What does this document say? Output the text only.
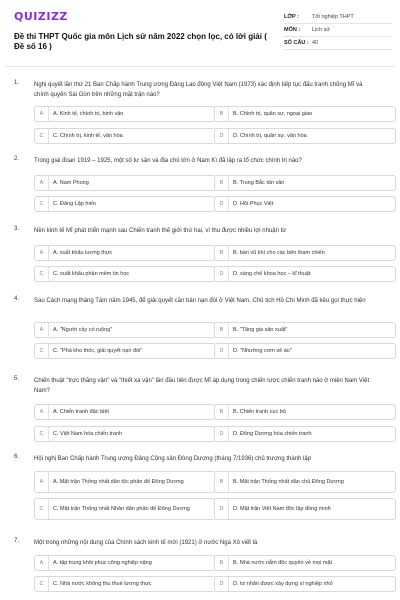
QUIZIZZ
Đề thi THPT Quốc gia môn Lịch sử năm 2022 chọn lọc, có lời giải ( Đề số 16 )
LỚP :	Tốt nghiệp THPT
MÔN :	Lịch sử
SỐ CÂU : 40
1. Nghị quyết lần thứ 21 Ban Chấp hành Trung ương Đảng Lao động Việt Nam (1973) xác định tiếp tục đấu tranh chống Mĩ và chính quyền Sài Gòn trên những mặt trận nào?
A	A. Kinh tế, chính trị, binh vận	B	B. Chính trị, quân sự, ngoại giao
C	C. Chính trị, kinh tế, văn hóa	D	D. Chính trị, quân sự, văn hóa
2. Trong giai đoạn 1919 – 1925, một số tư sản và địa chủ lớn ở Nam Kì đã lập ra tổ chức chính trị nào?
A	A. Nam Phong	B	B. Trung Bắc tân văn
C	C. Đảng Lập hiến	D	D. Hội Phục Việt
3. Nền kinh tế Mĩ phát triển mạnh sau Chiến tranh thế giới thứ hai, vì thu được nhiều lợi nhuận từ
A	A. xuất khẩu lương thực	B	B. bán vũ khí cho các bên tham chiến
C	C. xuất khẩu phần mềm tin học	D	D. sáng chế khoa học – kĩ thuật
4. Sau Cách mạng tháng Tám năm 1945, để giải quyết căn bản nạn đói ở Việt Nam, Chủ tịch Hồ Chí Minh đã kêu gọi thực hiện
A	A. "Người cày có ruộng"	B	B. "Tăng gia sản xuất"
C	C. "Phá kho thóc, giải quyết nạn đói"	D	D. "Nhường cơm sẻ áo"
5. Chiến thuật "trực thăng vận" và "thiết xa vận" lần đầu tiên được Mĩ áp dụng trong chiến lược chiến tranh nào ở miền Nam Việt Nam?
A	A. Chiến tranh đặc biệt	B	B. Chiến tranh cục bộ
C	C. Việt Nam hóa chiến tranh	D	D. Đông Dương hóa chiến tranh
6. Hội nghị Ban Chấp hành Trung ương Đảng Cộng sản Đông Dương (tháng 7/1936) chủ trương thành lập
A	A. Mặt trận Thống nhất dân tộc phản đế Đông Dương	B	B. Mặt trận Thống nhất dân chủ Đông Dương
C	C. Mặt trận Thống nhất Nhân dân phản đế Đông Dương	D	D. Mặt trận Việt Nam độc lập đồng minh
7. Một trong những nội dung của Chính sách kinh tế mới (1921) ở nước Nga Xô viết là
A	A. tập trung khôi phục công nghiệp nặng	B	B. Nhà nước nắm độc quyền về mọi mặt
C	C. Nhà nước không thu thuế lương thực	D	D. tư nhân được xây dựng xí nghiệp nhỏ
